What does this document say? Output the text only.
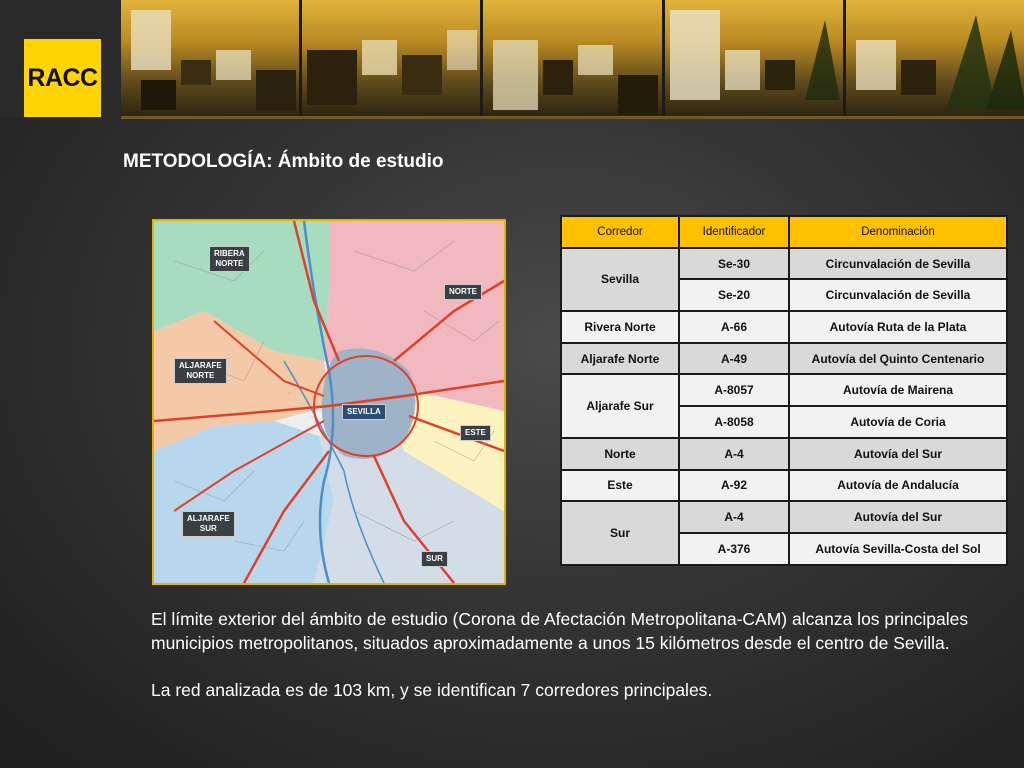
RACC
METODOLOGÍA: Ámbito de estudio
RIBERA
NORTE
NORTE
ALJARAFE
NORTE
SEVILLA
ESTE
ALJARAFE
SUR
SUR
Corredor	Identificador	Denominación
Sevilla	Se-30	Circunvalación de Sevilla
	Se-20	Circunvalación de Sevilla
Rivera Norte	A-66	Autovía Ruta de la Plata
Aljarafe Norte	A-49	Autovía del Quinto Centenario
Aljarafe Sur	A-8057	Autovía de Mairena
	A-8058	Autovía de Coria
Norte	A-4	Autovía del Sur
Este	A-92	Autovía de Andalucía
Sur	A-4	Autovía del Sur
	A-376	Autovía Sevilla-Costa del Sol

El límite exterior del ámbito de estudio (Corona de Afectación Metropolitana-CAM) alcanza los principales municipios metropolitanos, situados aproximadamente a unos 15 kilómetros desde el centro de Sevilla.

La red analizada es de 103 km, y se identifican 7 corredores principales.
